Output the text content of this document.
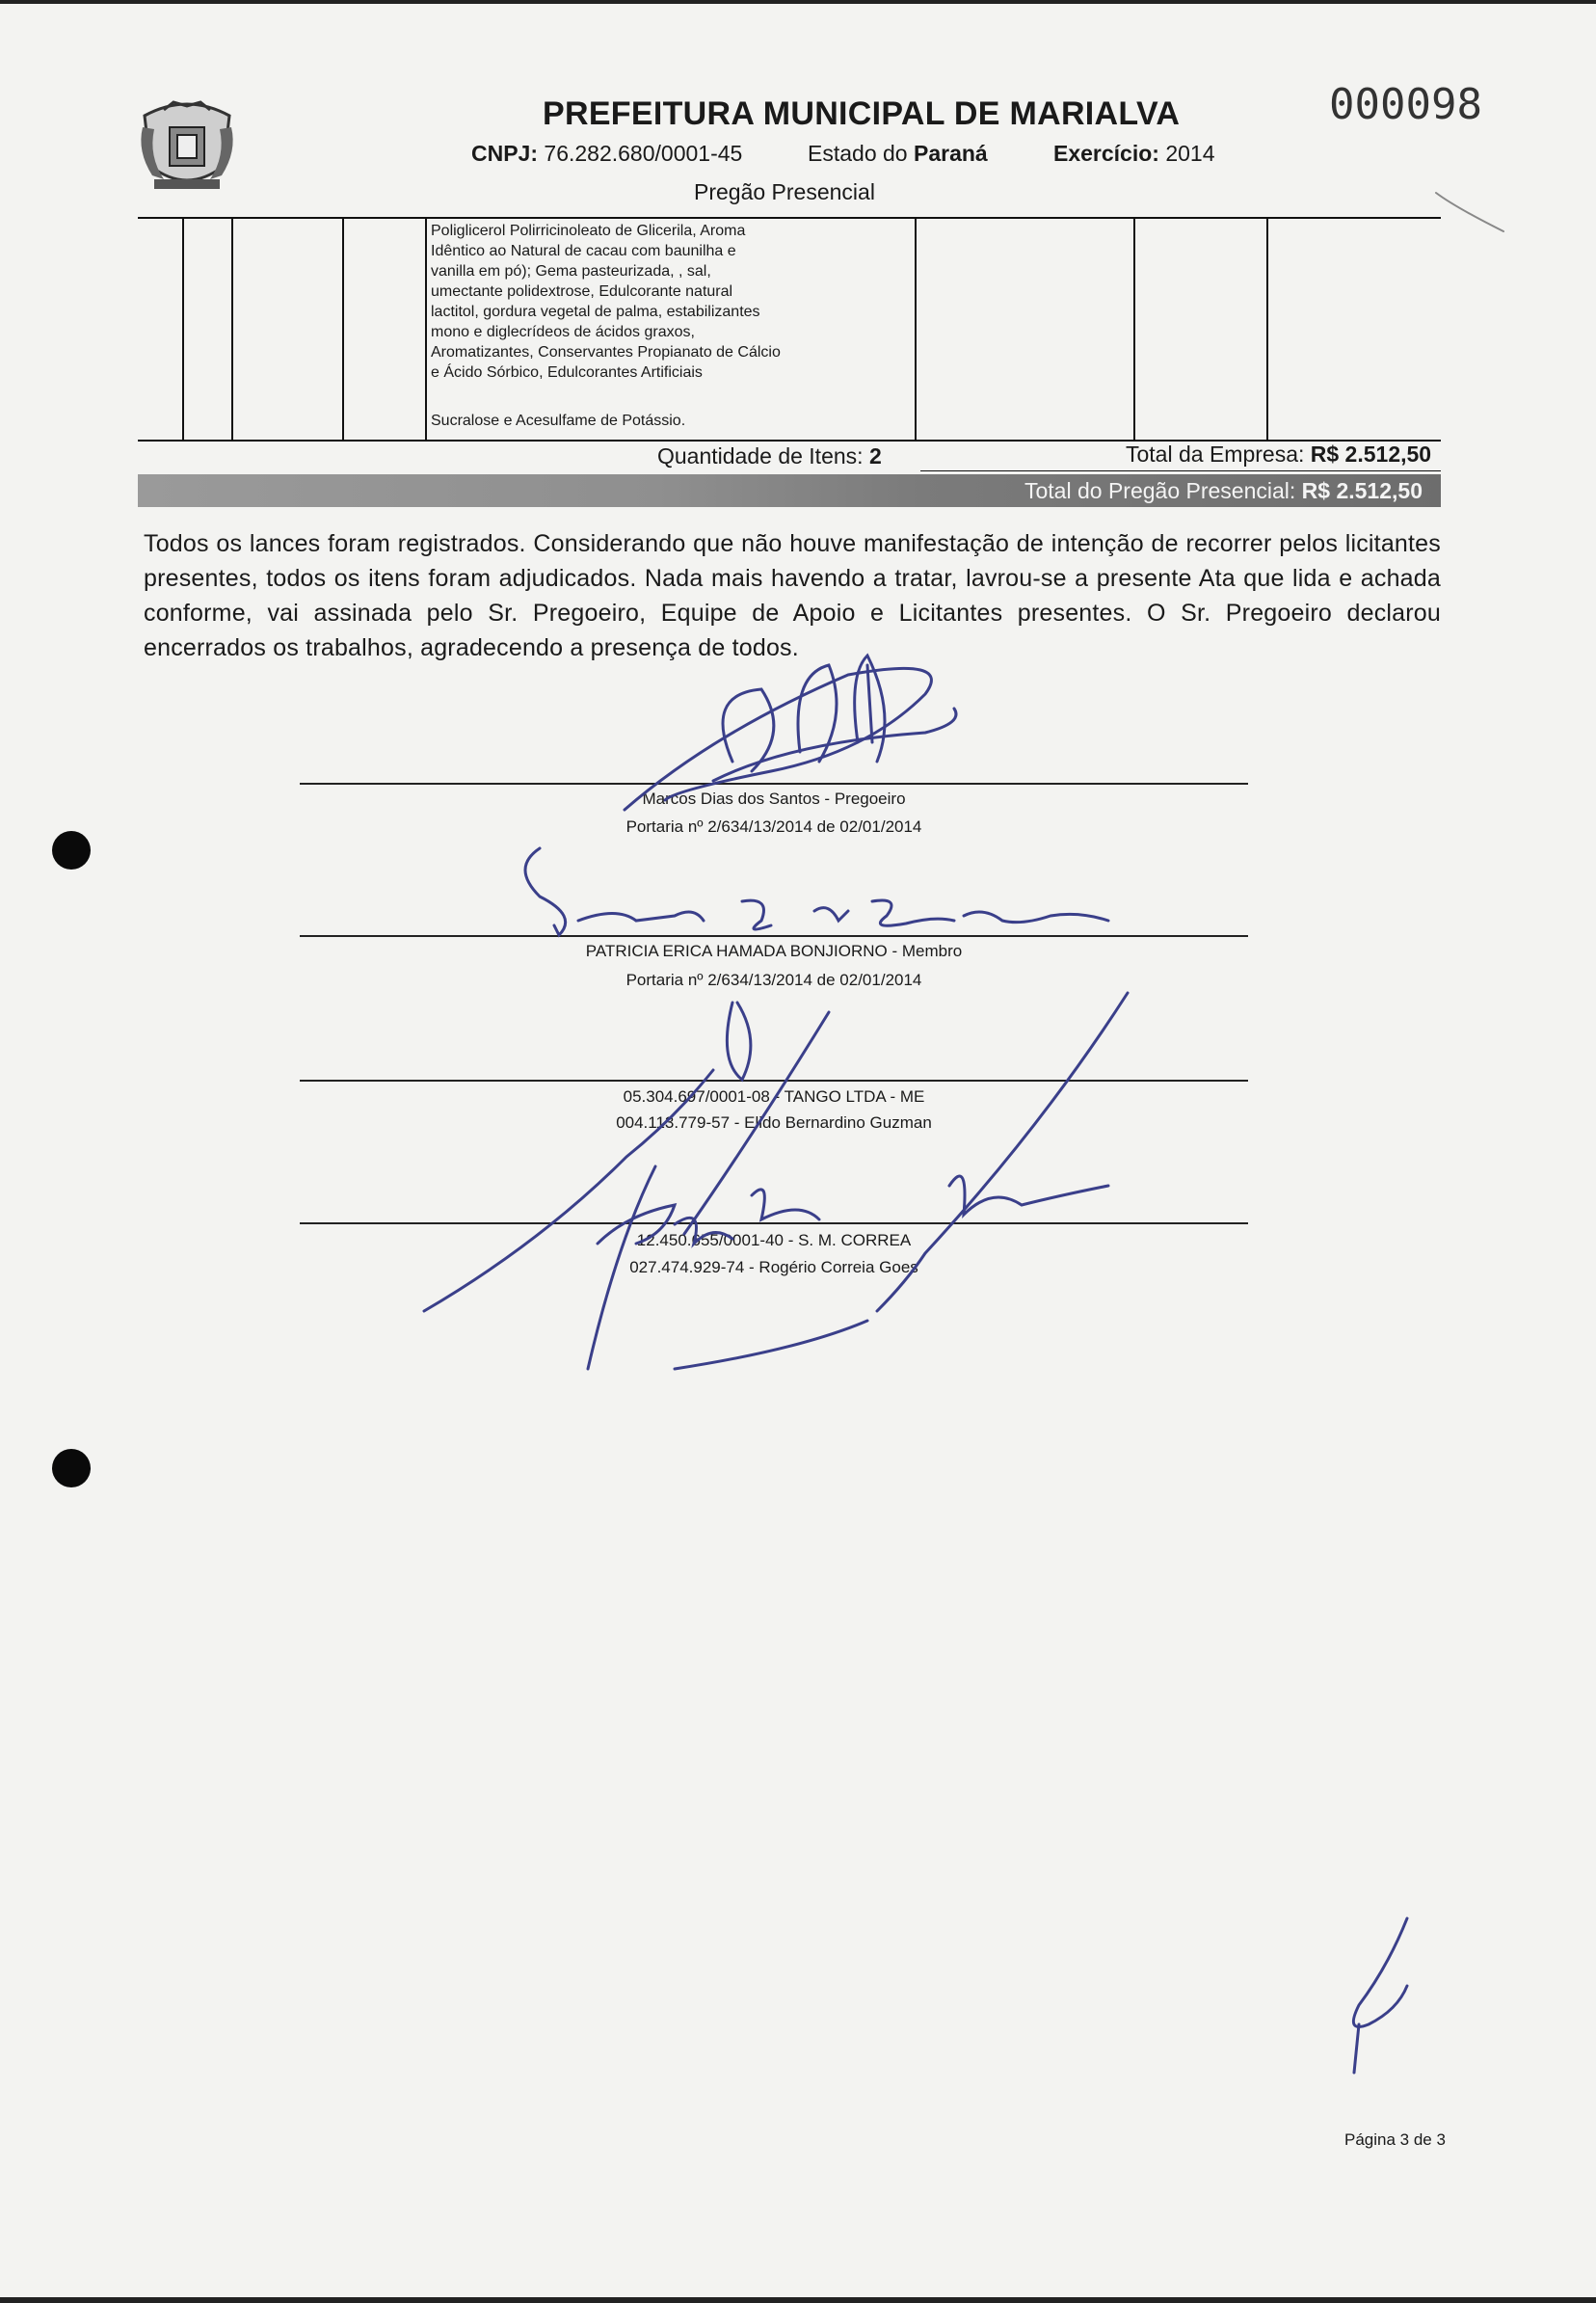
PREFEITURA MUNICIPAL DE MARIALVA
CNPJ: 76.282.680/0001-45	Estado do Paraná	Exercício: 2014
000098
Pregão Presencial
Poliglicerol Polirricinoleato de Glicerila, Aroma
Idêntico ao Natural de cacau com baunilha e
vanilla em pó); Gema pasteurizada, , sal,
umectante polidextrose, Edulcorante natural
lactitol, gordura vegetal de palma, estabilizantes
mono e diglecrídeos de ácidos graxos,
Aromatizantes, Conservantes Propianato de Cálcio
e Ácido Sórbico, Edulcorantes Artificiais
Sucralose e Acesulfame de Potássio.
Quantidade de Itens: 2	Total da Empresa: R$ 2.512,50
Total do Pregão Presencial: R$ 2.512,50
Todos os lances foram registrados. Considerando que não houve manifestação de intenção de recorrer pelos licitantes presentes, todos os itens foram adjudicados. Nada mais havendo a tratar, lavrou-se a presente Ata que lida e achada conforme, vai assinada pelo Sr. Pregoeiro, Equipe de Apoio e Licitantes presentes. O Sr. Pregoeiro declarou encerrados os trabalhos, agradecendo a presença de todos.
Marcos Dias dos Santos - Pregoeiro
Portaria nº 2/634/13/2014 de 02/01/2014
PATRICIA ERICA HAMADA BONJIORNO - Membro
Portaria nº 2/634/13/2014 de 02/01/2014
05.304.697/0001-08 - TANGO LTDA - ME
004.113.779-57 - Elido Bernardino Guzman
12.450.655/0001-40 - S. M. CORREA
027.474.929-74 - Rogério Correia Goes
Página 3 de 3
